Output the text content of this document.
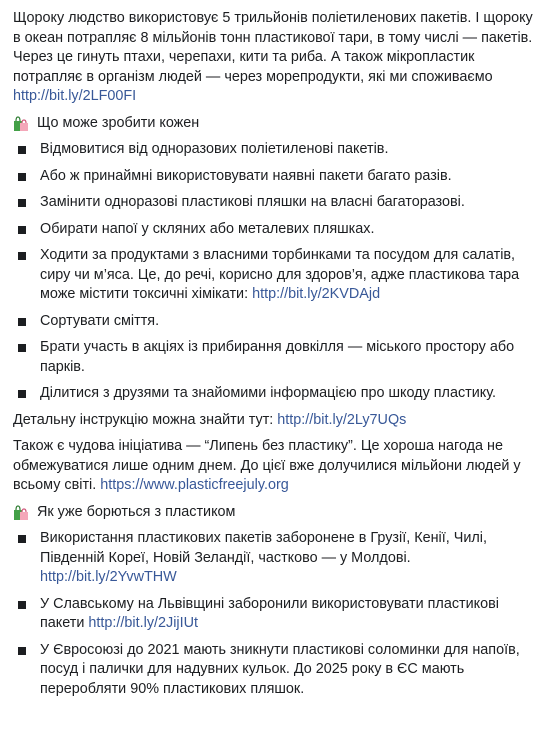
Щороку людство використовує 5 трильйонів поліетиленових пакетів. І щороку в океан потрапляє 8 мільйонів тонн пластикової тари, в тому числі — пакетів. Через це гинуть птахи, черепахи, кити та риба. А також мікропластик потрапляє в організм людей — через морепродукти, які ми споживаємо http://bit.ly/2LF00FI

Що може зробити кожен
Відмовитися від одноразових поліетиленові пакетів.
Або ж принаймні використовувати наявні пакети багато разів.
Замінити одноразові пластикові пляшки на власні багаторазові.
Обирати напої у скляних або металевих пляшках.
Ходити за продуктами з власними торбинками та посудом для салатів, сиру чи м’яса. Це, до речі, корисно для здоров’я, адже пластикова тара може містити токсичні хімікати: http://bit.ly/2KVDAjd
Сортувати сміття.
Брати участь в акціях із прибирання довкілля — міського простору або парків.
Ділитися з друзями та знайомими інформацією про шкоду пластику.

Детальну інструкцію можна знайти тут: http://bit.ly/2Ly7UQs

Також є чудова ініціатива — “Липень без пластику”. Це хороша нагода не обмежуватися лише одним днем. До цієї вже долучилися мільйони людей у всьому світі. https://www.plasticfreejuly.org

Як уже борються з пластиком
Використання пластикових пакетів заборонене в Грузії, Кенії, Чилі, Південній Кореї, Новій Зеландії, частково — у Молдові. http://bit.ly/2YvwTHW
У Славському на Львівщині заборонили використовувати пластикові пакети http://bit.ly/2JijIUt
У Євросоюзі до 2021 мають зникнути пластикові соломинки для напоїв, посуд і палички для надувних кульок. До 2025 року в ЄС мають переробляти 90% пластикових пляшок.
